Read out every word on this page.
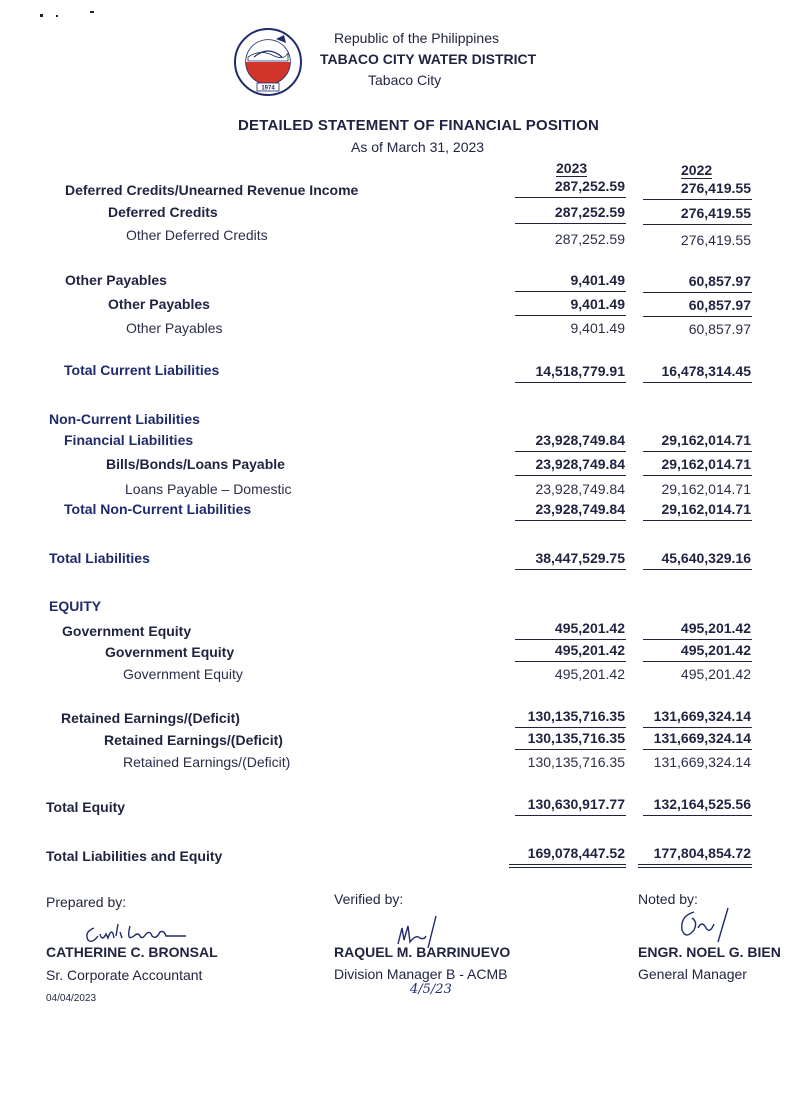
1974
Republic of the Philippines
TABACO CITY WATER DISTRICT
Tabaco City
DETAILED STATEMENT OF FINANCIAL POSITION
As of March 31, 2023
2023	2022
Deferred Credits/Unearned Revenue Income	287,252.59	276,419.55
Deferred Credits	287,252.59	276,419.55
Other Deferred Credits	287,252.59	276,419.55
Other Payables	9,401.49	60,857.97
Other Payables	9,401.49	60,857.97
Other Payables	9,401.49	60,857.97
Total Current Liabilities	14,518,779.91	16,478,314.45
Non-Current Liabilities
Financial Liabilities	23,928,749.84	29,162,014.71
Bills/Bonds/Loans Payable	23,928,749.84	29,162,014.71
Loans Payable – Domestic	23,928,749.84	29,162,014.71
Total Non-Current Liabilities	23,928,749.84	29,162,014.71
Total Liabilities	38,447,529.75	45,640,329.16
EQUITY
Government Equity	495,201.42	495,201.42
Government Equity	495,201.42	495,201.42
Government Equity	495,201.42	495,201.42
Retained Earnings/(Deficit)	130,135,716.35 131,669,324.14
Retained Earnings/(Deficit)	130,135,716.35 131,669,324.14
Retained Earnings/(Deficit)	130,135,716.35 131,669,324.14
Total Equity	130,630,917.77 132,164,525.56
Total Liabilities and Equity	169,078,447.52 177,804,854.72
Prepared by:
CATHERINE C. BRONSAL
Sr. Corporate Accountant
04/04/2023
Verified by:
RAQUEL M. BARRINUEVO
Division Manager B - ACMB
4/5/23
Noted by:
ENGR. NOEL G. BIEN
General Manager
